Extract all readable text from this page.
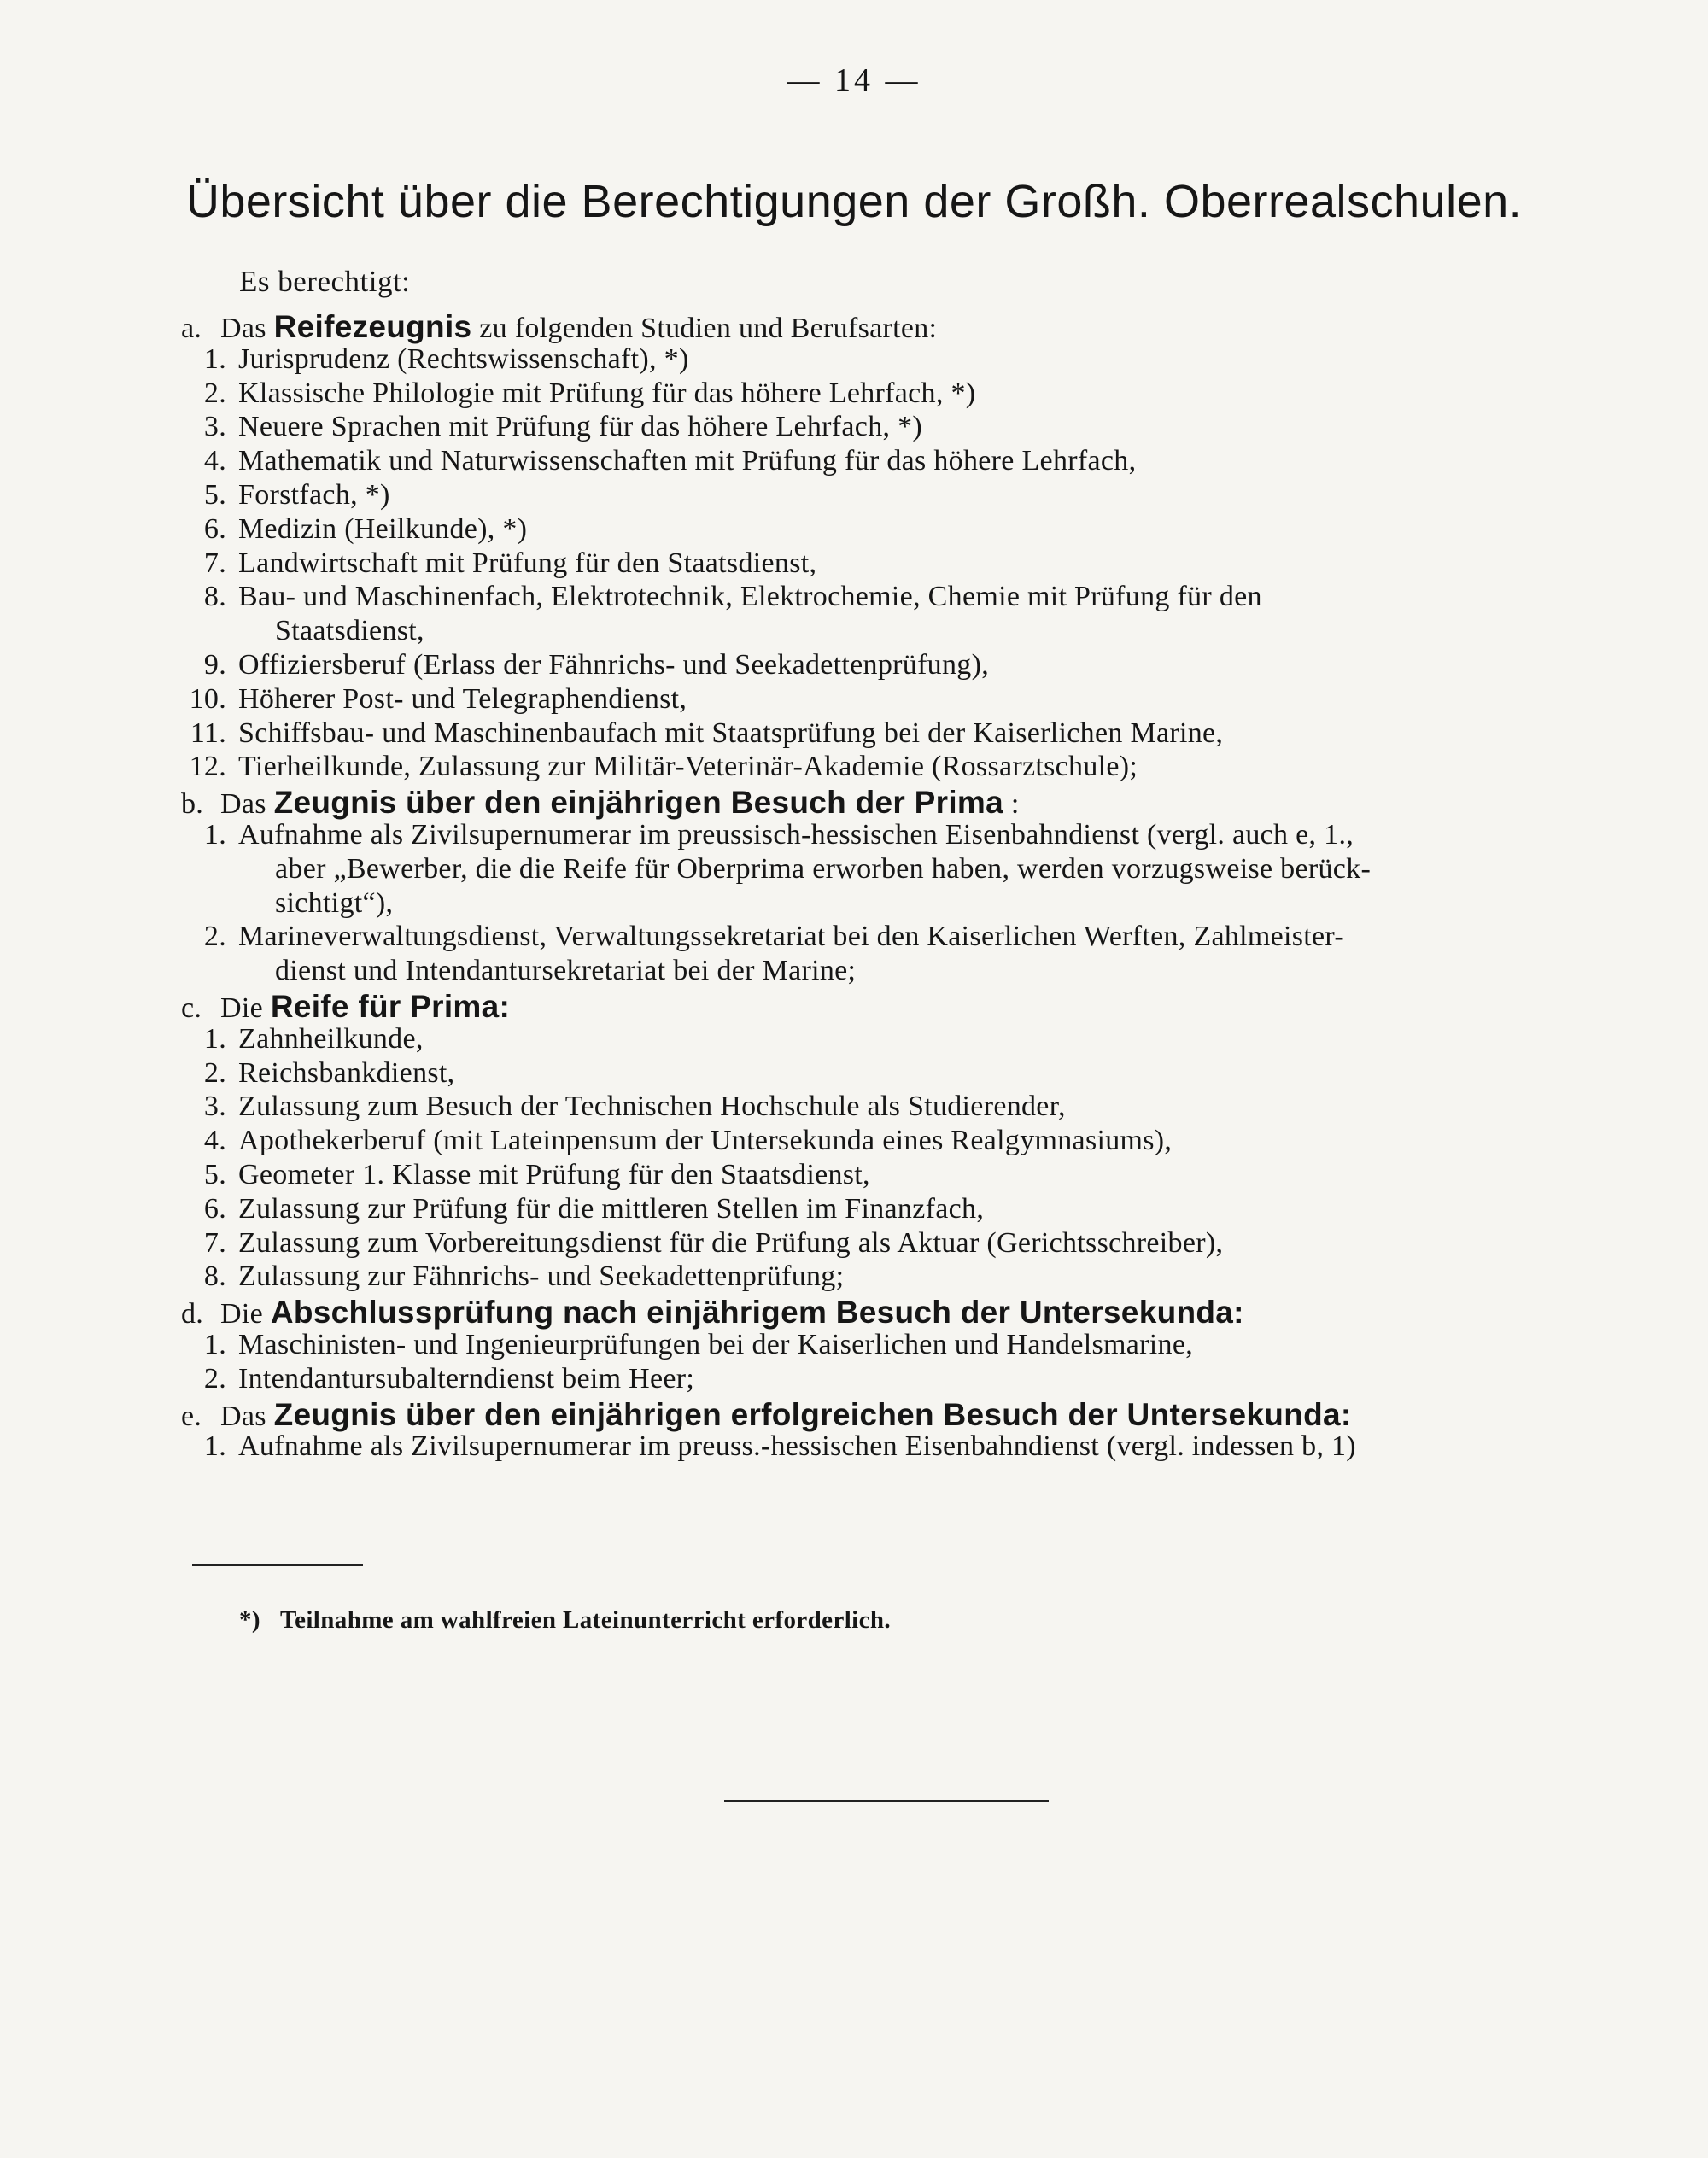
— 14 —
Übersicht über die Berechtigungen der Großh. Oberrealschulen.
Es berechtigt:
a. Das Reifezeugnis zu folgenden Studien und Berufsarten:
1. Jurisprudenz (Rechtswissenschaft), *)
2. Klassische Philologie mit Prüfung für das höhere Lehrfach, *)
3. Neuere Sprachen mit Prüfung für das höhere Lehrfach, *)
4. Mathematik und Naturwissenschaften mit Prüfung für das höhere Lehrfach,
5. Forstfach, *)
6. Medizin (Heilkunde), *)
7. Landwirtschaft mit Prüfung für den Staatsdienst,
8. Bau- und Maschinenfach, Elektrotechnik, Elektrochemie, Chemie mit Prüfung für den
Staatsdienst,
9. Offiziersberuf (Erlass der Fähnrichs- und Seekadettenprüfung),
10. Höherer Post- und Telegraphendienst,
11. Schiffsbau- und Maschinenbaufach mit Staatsprüfung bei der Kaiserlichen Marine,
12. Tierheilkunde, Zulassung zur Militär-Veterinär-Akademie (Rossarztschule);
b. Das Zeugnis über den einjährigen Besuch der Prima :
1. Aufnahme als Zivilsupernumerar im preussisch-hessischen Eisenbahndienst (vergl. auch e, 1.,
aber „Bewerber, die die Reife für Oberprima erworben haben, werden vorzugsweise berück-
sichtigt“),
2. Marineverwaltungsdienst, Verwaltungssekretariat bei den Kaiserlichen Werften, Zahlmeister-
dienst und Intendantursekretariat bei der Marine;
c. Die Reife für Prima:
1. Zahnheilkunde,
2. Reichsbankdienst,
3. Zulassung zum Besuch der Technischen Hochschule als Studierender,
4. Apothekerberuf (mit Lateinpensum der Untersekunda eines Realgymnasiums),
5. Geometer 1. Klasse mit Prüfung für den Staatsdienst,
6. Zulassung zur Prüfung für die mittleren Stellen im Finanzfach,
7. Zulassung zum Vorbereitungsdienst für die Prüfung als Aktuar (Gerichtsschreiber),
8. Zulassung zur Fähnrichs- und Seekadettenprüfung;
d. Die Abschlussprüfung nach einjährigem Besuch der Untersekunda:
1. Maschinisten- und Ingenieurprüfungen bei der Kaiserlichen und Handelsmarine,
2. Intendantursubalterndienst beim Heer;
e. Das Zeugnis über den einjährigen erfolgreichen Besuch der Untersekunda:
1. Aufnahme als Zivilsupernumerar im preuss.-hessischen Eisenbahndienst (vergl. indessen b, 1)
*) Teilnahme am wahlfreien Lateinunterricht erforderlich.
